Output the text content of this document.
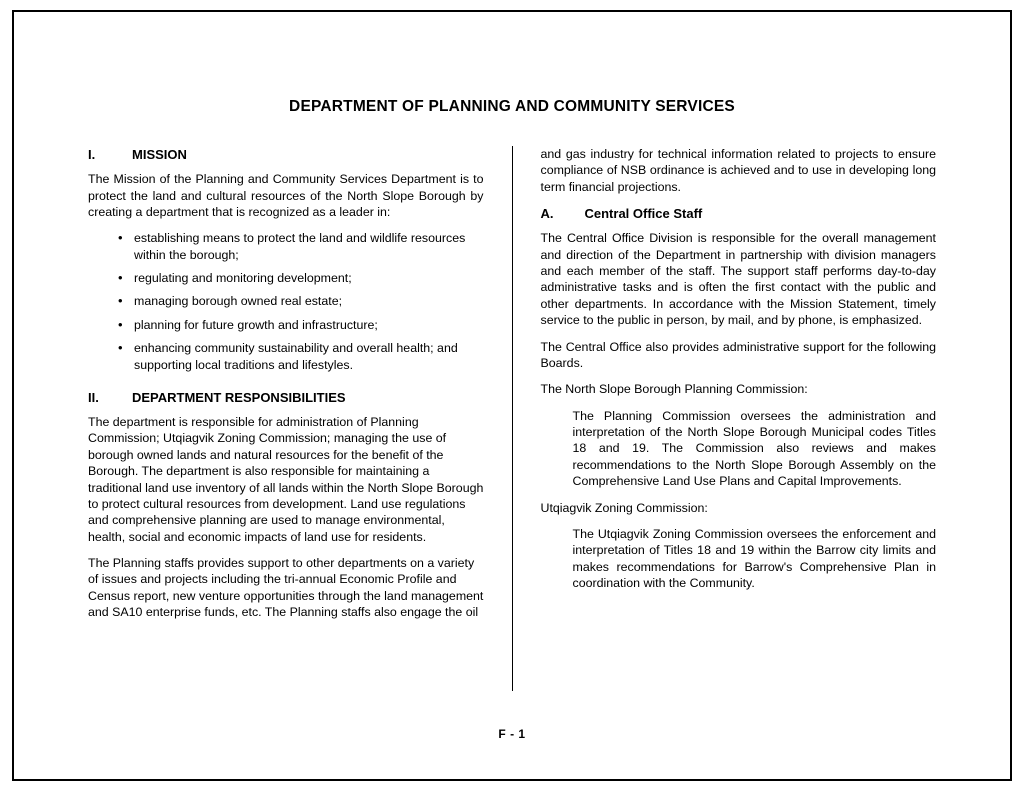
DEPARTMENT OF PLANNING AND COMMUNITY SERVICES
I.	MISSION

The Mission of the Planning and Community Services Department is to protect the land and cultural resources of the North Slope Borough by creating a department that is recognized as a leader in:

• establishing means to protect the land and wildlife resources within the borough;
• regulating and monitoring development;
• managing borough owned real estate;
• planning for future growth and infrastructure;
• enhancing community sustainability and overall health; and supporting local traditions and lifestyles.
II.	DEPARTMENT RESPONSIBILITIES

The department is responsible for administration of Planning Commission; Utqiagvik Zoning Commission; managing the use of borough owned lands and natural resources for the benefit of the Borough. The department is also responsible for maintaining a traditional land use inventory of all lands within the North Slope Borough to protect cultural resources from development. Land use regulations and comprehensive planning are used to manage environmental, health, social and economic impacts of land use for residents.

The Planning staffs provides support to other departments on a variety of issues and projects including the tri-annual Economic Profile and Census report, new venture opportunities through the land management and SA10 enterprise funds, etc. The Planning staffs also engage the oil

and gas industry for technical information related to projects to ensure compliance of NSB ordinance is achieved and to use in developing long term financial projections.

A.	Central Office Staff

The Central Office Division is responsible for the overall management and direction of the Department in partnership with division managers and each member of the staff. The support staff performs day-to-day administrative tasks and is often the first contact with the public and other departments. In accordance with the Mission Statement, timely service to the public in person, by mail, and by phone, is emphasized.

The Central Office also provides administrative support for the following Boards.

The North Slope Borough Planning Commission:

The Planning Commission oversees the administration and interpretation of the North Slope Borough Municipal codes Titles 18 and 19. The Commission also reviews and makes recommendations to the North Slope Borough Assembly on the Comprehensive Land Use Plans and Capital Improvements.

Utqiagvik Zoning Commission:

The Utqiagvik Zoning Commission oversees the enforcement and interpretation of Titles 18 and 19 within the Barrow city limits and makes recommendations for Barrow's Comprehensive Plan in coordination with the Community.

F - 1
